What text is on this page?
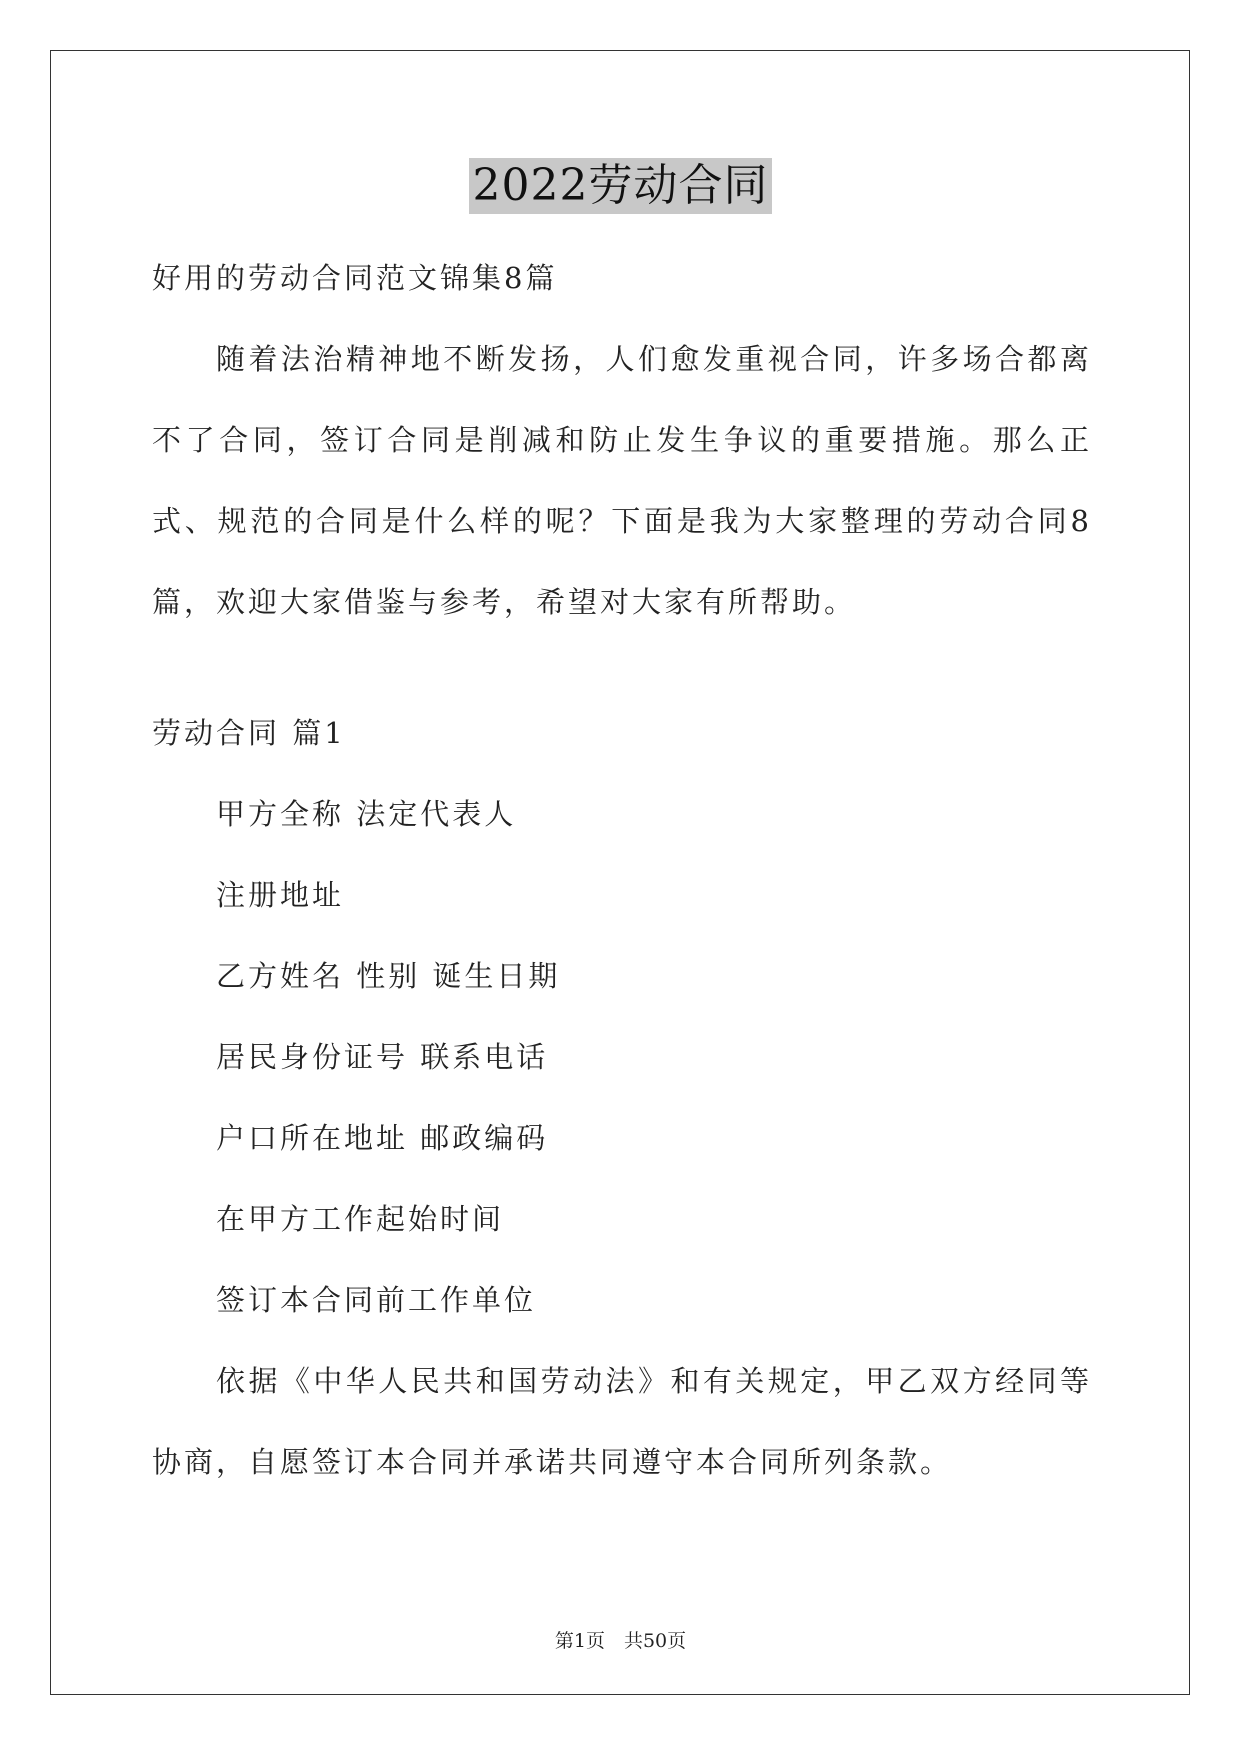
2022劳动合同

好用的劳动合同范文锦集8篇

随着法治精神地不断发扬，人们愈发重视合同，许多场合都离不了合同，签订合同是削减和防止发生争议的重要措施。那么正式、规范的合同是什么样的呢？下面是我为大家整理的劳动合同8篇，欢迎大家借鉴与参考，希望对大家有所帮助。

劳动合同 篇1

甲方全称 法定代表人

注册地址

乙方姓名 性别 诞生日期

居民身份证号 联系电话

户口所在地址 邮政编码

在甲方工作起始时间

签订本合同前工作单位

依据《中华人民共和国劳动法》和有关规定，甲乙双方经同等协商，自愿签订本合同并承诺共同遵守本合同所列条款。

第1页　共50页
